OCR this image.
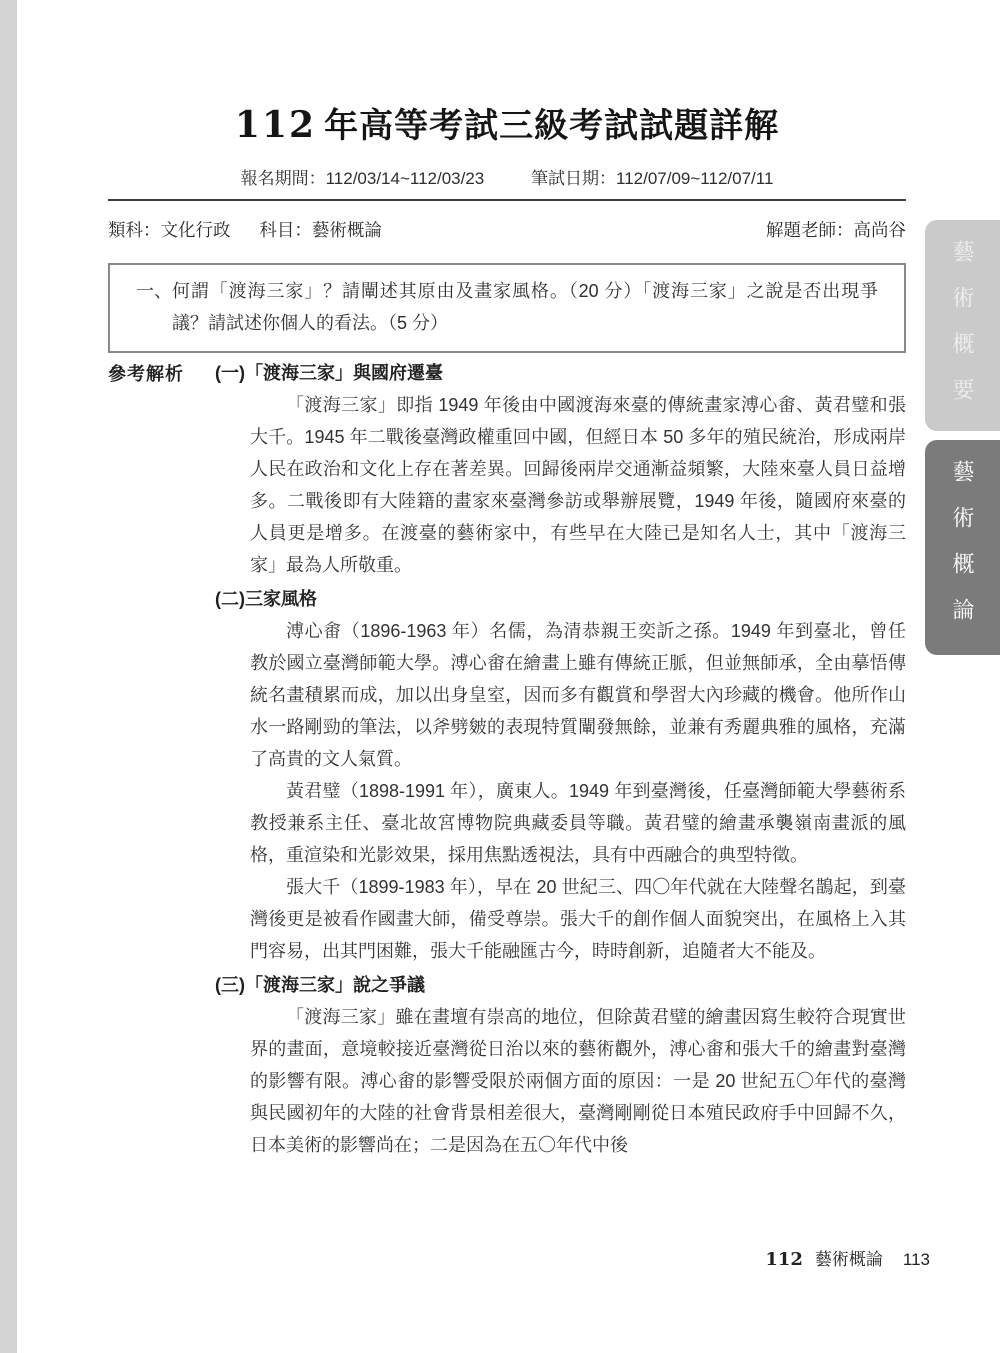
112 年高等考試三級考試試題詳解
報名期間：112/03/14~112/03/23	筆試日期：112/07/09~112/07/11
類科：文化行政 科目：藝術概論	解題老師：高尚谷
一、 何謂「渡海三家」？請闡述其原由及畫家風格。（20 分）「渡海三家」之說是否出現爭議？請試述你個人的看法。（5 分）
參考解析 (一) 「渡海三家」與國府遷臺
「渡海三家」即指 1949 年後由中國渡海來臺的傳統畫家溥心畬、黃君璧和張大千。1945 年二戰後臺灣政權重回中國，但經日本 50 多年的殖民統治，形成兩岸人民在政治和文化上存在著差異。回歸後兩岸交通漸益頻繁，大陸來臺人員日益增多。二戰後即有大陸籍的畫家來臺灣參訪或舉辦展覽，1949 年後，隨國府來臺的人員更是增多。在渡臺的藝術家中，有些早在大陸已是知名人士，其中「渡海三家」最為人所敬重。
(二) 三家風格
溥心畬（1896-1963 年）名儒，為清恭親王奕訢之孫。1949 年到臺北，曾任教於國立臺灣師範大學。溥心畬在繪畫上雖有傳統正脈，但並無師承，全由摹悟傳統名畫積累而成，加以出身皇室，因而多有觀賞和學習大內珍藏的機會。他所作山水一路剛勁的筆法，以斧劈皴的表現特質闡發無餘，並兼有秀麗典雅的風格，充滿了高貴的文人氣質。
黃君璧（1898-1991 年），廣東人。1949 年到臺灣後，任臺灣師範大學藝術系教授兼系主任、臺北故宮博物院典藏委員等職。黃君璧的繪畫承襲嶺南畫派的風格，重渲染和光影效果，採用焦點透視法，具有中西融合的典型特徵。
張大千（1899-1983 年），早在 20 世紀三、四〇年代就在大陸聲名鵲起，到臺灣後更是被看作國畫大師，備受尊崇。張大千的創作個人面貌突出，在風格上入其門容易，出其門困難，張大千能融匯古今，時時創新，追隨者大不能及。
(三) 「渡海三家」說之爭議
「渡海三家」雖在畫壇有崇高的地位，但除黃君璧的繪畫因寫生較符合現實世界的畫面，意境較接近臺灣從日治以來的藝術觀外，溥心畬和張大千的繪畫對臺灣的影響有限。溥心畬的影響受限於兩個方面的原因：一是 20 世紀五〇年代的臺灣與民國初年的大陸的社會背景相差很大，臺灣剛剛從日本殖民政府手中回歸不久，日本美術的影響尚在；二是因為在五〇年代中後
藝術概要
藝術概論
112 藝術概論 113
